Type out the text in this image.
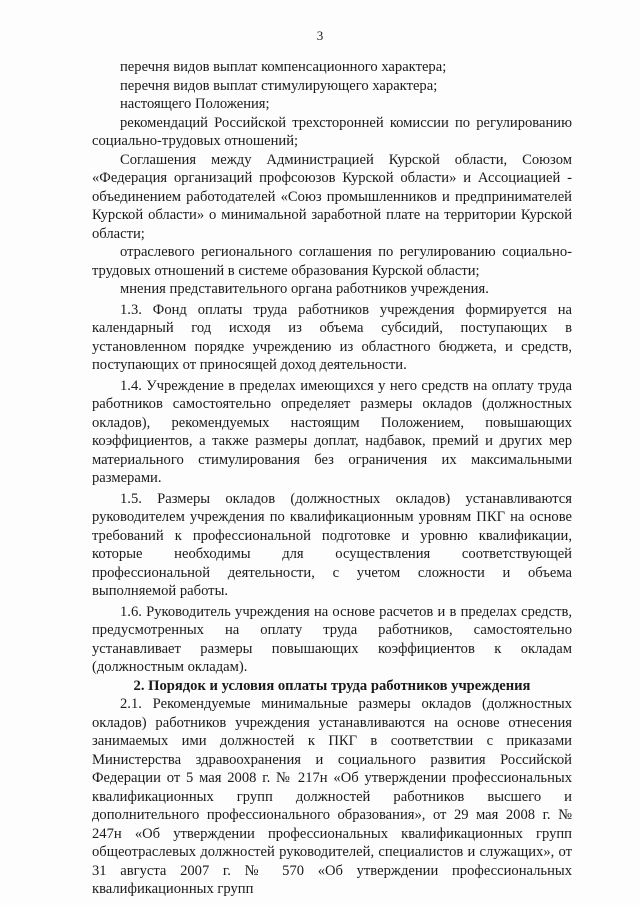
3

перечня видов выплат компенсационного характера;

перечня видов выплат стимулирующего характера;

настоящего Положения;

рекомендаций Российской трехсторонней комиссии по регулированию социально-трудовых отношений;

Соглашения между Администрацией Курской области, Союзом «Федерация организаций профсоюзов Курской области» и Ассоциацией - объединением работодателей «Союз промышленников и предпринимателей Курской области» о минимальной заработной плате на территории Курской области;

отраслевого регионального соглашения по регулированию социально-трудовых отношений в системе образования Курской области;

мнения представительного органа работников учреждения.

1.3. Фонд оплаты труда работников учреждения формируется на календарный год исходя из объема субсидий, поступающих в установленном порядке учреждению из областного бюджета, и средств, поступающих от приносящей доход деятельности.

1.4. Учреждение в пределах имеющихся у него средств на оплату труда работников самостоятельно определяет размеры окладов (должностных окладов), рекомендуемых настоящим Положением, повышающих коэффициентов, а также размеры доплат, надбавок, премий и других мер материального стимулирования без ограничения их максимальными размерами.

1.5. Размеры окладов (должностных окладов) устанавливаются руководителем учреждения по квалификационным уровням ПКГ на основе требований к профессиональной подготовке и уровню квалификации, которые необходимы для осуществления соответствующей профессиональной деятельности, с учетом сложности и объема выполняемой работы.

1.6. Руководитель учреждения на основе расчетов и в пределах средств, предусмотренных на оплату труда работников, самостоятельно устанавливает размеры повышающих коэффициентов к окладам (должностным окладам).

2. Порядок и условия оплаты труда работников учреждения

2.1. Рекомендуемые минимальные размеры окладов (должностных окладов) работников учреждения устанавливаются на основе отнесения занимаемых ими должностей к ПКГ в соответствии с приказами Министерства здравоохранения и социального развития Российской Федерации от 5 мая 2008 г. № 217н «Об утверждении профессиональных квалификационных групп должностей работников высшего и дополнительного профессионального образования», от 29 мая 2008 г. № 247н «Об утверждении профессиональных квалификационных групп общеотраслевых должностей руководителей, специалистов и служащих», от 31 августа 2007 г. № 570 «Об утверждении профессиональных квалификационных групп
